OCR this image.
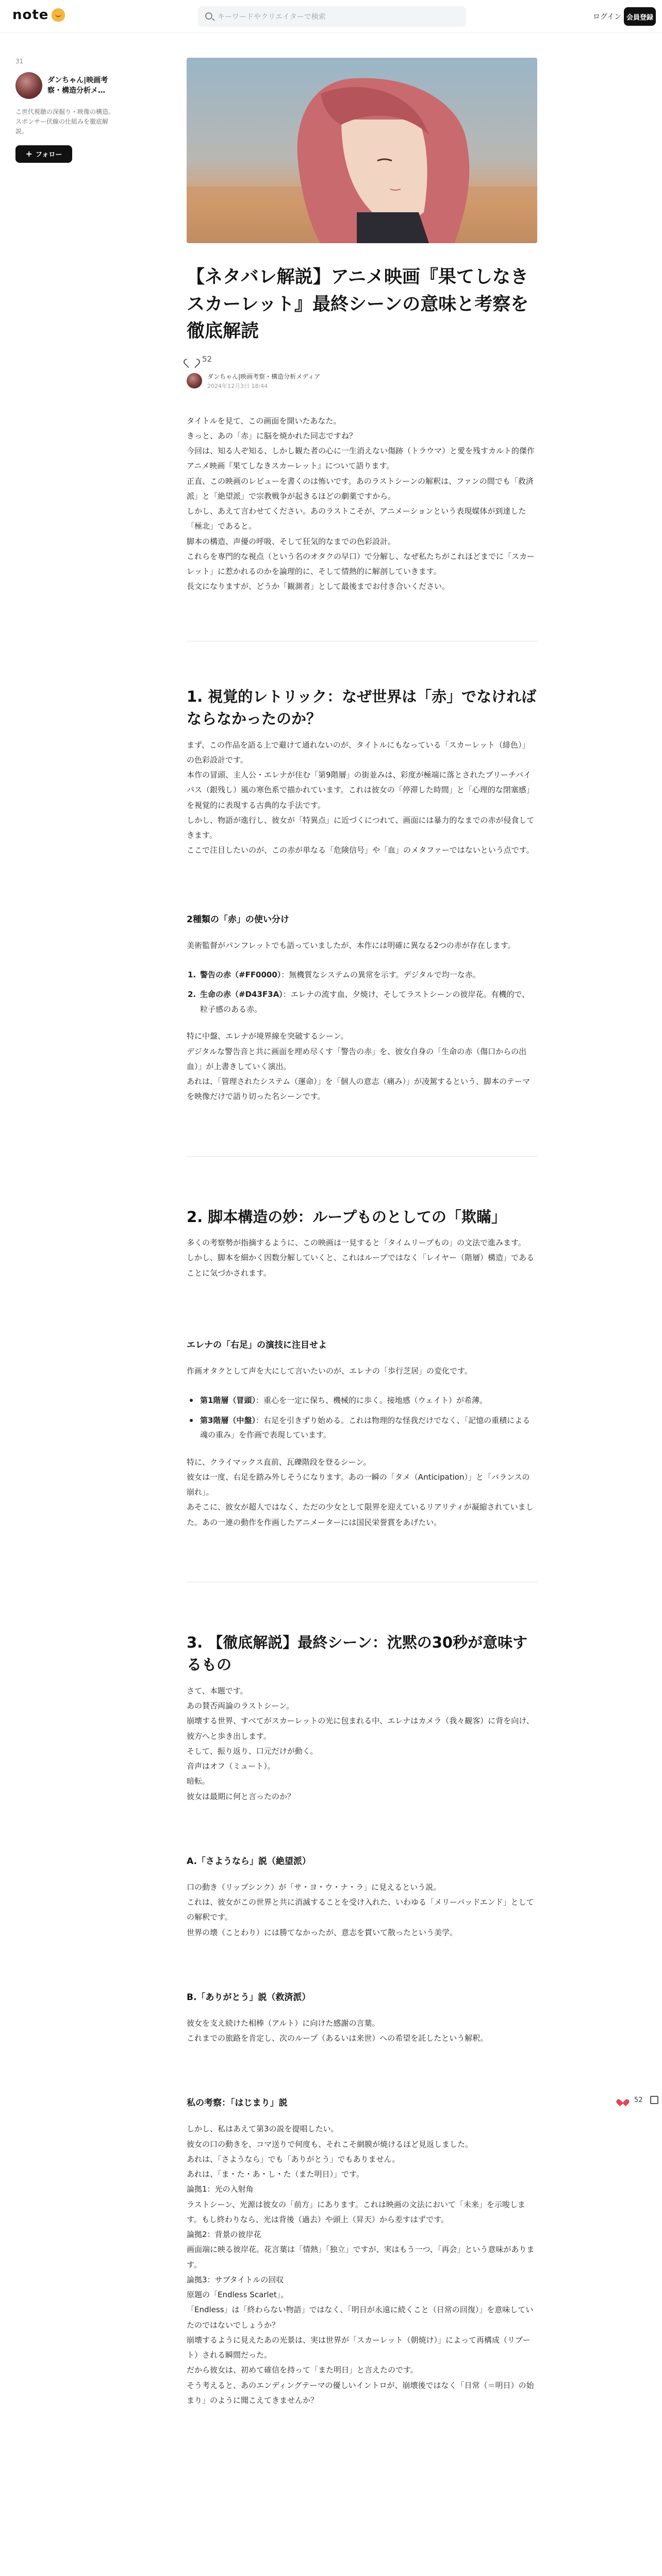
note	キーワードやクリエイターで検索	ログイン 会員登録
31
ダンちゃん|映画考察・構造分析メ…
こ世代視聴の深掘り・映像の構造。スポンサー伏線の仕組みを徹底解説。
+ フォロー
【ネタバレ解説】アニメ映画『果てしなきスカーレット』最終シーンの意味と考察を徹底解読
52
ダンちゃん|映画考察・構造分析メディア
2024年12月3日 18:44

タイトルを見て、この画面を開いたあなた。

きっと、あの「赤」に脳を焼かれた同志ですね？

今回は、知る人ぞ知る、しかし観た者の心に一生消えない傷跡（トラウマ）と愛を残すカルト的傑作アニメ映画『果てしなきスカーレット』について語ります。

正直、この映画のレビューを書くのは怖いです。あのラストシーンの解釈は、ファンの間でも「救済派」と「絶望派」で宗教戦争が起きるほどの劇薬ですから。

しかし、あえて言わせてください。あのラストこそが、アニメーションという表現媒体が到達した「極北」であると。

脚本の構造、声優の呼吸、そして狂気的なまでの色彩設計。

これらを専門的な視点（という名のオタクの早口）で分解し、なぜ私たちがこれほどまでに「スカーレット」に惹かれるのかを論理的に、そして情熱的に解剖していきます。

長文になりますが、どうか「観測者」として最後までお付き合いください。

1. 視覚的レトリック：なぜ世界は「赤」でなければならなかったのか？

まず、この作品を語る上で避けて通れないのが、タイトルにもなっている「スカーレット（緋色）」の色彩設計です。

本作の冒頭、主人公・エレナが住む「第9階層」の街並みは、彩度が極端に落とされたブリーチバイパス（銀残し）風の寒色系で描かれています。これは彼女の「停滞した時間」と「心理的な閉塞感」を視覚的に表現する古典的な手法です。

しかし、物語が進行し、彼女が「特異点」に近づくにつれて、画面には暴力的なまでの赤が侵食してきます。

ここで注目したいのが、この赤が単なる「危険信号」や「血」のメタファーではないという点です。

2種類の「赤」の使い分け
美術監督がパンフレットでも語っていましたが、本作には明確に異なる2つの赤が存在します。
1. 警告の赤（#FF0000）：無機質なシステムの異常を示す。デジタルで均一な赤。
2. 生命の赤（#D43F3A）：エレナの流す血、夕焼け、そしてラストシーンの彼岸花。有機的で、粒子感のある赤。

特に中盤、エレナが境界線を突破するシーン。

デジタルな警告音と共に画面を埋め尽くす「警告の赤」を、彼女自身の「生命の赤（傷口からの出血）」が上書きしていく演出。

あれは、「管理されたシステム（運命）」を「個人の意志（痛み）」が凌駕するという、脚本のテーマを映像だけで語り切った名シーンです。

2. 脚本構造の妙：ループものとしての「欺瞞」

多くの考察勢が指摘するように、この映画は一見すると「タイムリープもの」の文法で進みます。

しかし、脚本を細かく因数分解していくと、これはループではなく「レイヤー（階層）構造」であることに気づかされます。

エレナの「右足」の演技に注目せよ
作画オタクとして声を大にして言いたいのが、エレナの「歩行芝居」の変化です。
第1階層（冒頭）：重心を一定に保ち、機械的に歩く。接地感（ウェイト）が希薄。
第3階層（中盤）：右足を引きずり始める。これは物理的な怪我だけでなく、「記憶の重積による魂の重み」を作画で表現しています。

特に、クライマックス直前、瓦礫階段を登るシーン。

彼女は一度、右足を踏み外しそうになります。あの一瞬の「タメ（Anticipation）」と「バランスの崩れ」。

あそこに、彼女が超人ではなく、ただの少女として限界を迎えているリアリティが凝縮されていました。あの一連の動作を作画したアニメーターには国民栄誉賞をあげたい。

3. 【徹底解説】最終シーン：沈黙の30秒が意味するもの

さて、本題です。

あの賛否両論のラストシーン。

崩壊する世界、すべてがスカーレットの光に包まれる中、エレナはカメラ（我々観客）に背を向け、彼方へと歩き出します。

そして、振り返り、口元だけが動く。

音声はオフ（ミュート）。

暗転。

彼女は最期に何と言ったのか？

A.「さようなら」説（絶望派）

口の動き（リップシンク）が「サ・ヨ・ウ・ナ・ラ」に見えるという説。

これは、彼女がこの世界と共に消滅することを受け入れた、いわゆる「メリーバッドエンド」としての解釈です。

世界の壊（ことわり）には勝てなかったが、意志を貫いて散ったという美学。

B.「ありがとう」説（救済派）

彼女を支え続けた相棒（アルト）に向けた感謝の言葉。

これまでの旅路を肯定し、次のループ（あるいは来世）への希望を託したという解釈。

私の考察：「はじまり」説

しかし、私はあえて第3の説を提唱したい。

彼女の口の動きを、コマ送りで何度も、それこそ網膜が焼けるほど見返しました。

あれは、「さようなら」でも「ありがとう」でもありません。

あれは、「ま・た・あ・し・た（また明日）」です。

論拠1：光の入射角

ラストシーン、光源は彼女の「前方」にあります。これは映画の文法において「未来」を示唆します。もし終わりなら、光は背後（過去）や頭上（昇天）から差すはずです。

論拠2：背景の彼岸花

画面端に映る彼岸花。花言葉は「情熱」「独立」ですが、実はもう一つ、「再会」という意味があります。

論拠3：サブタイトルの回収

原題の「Endless Scarlet」。

「Endless」は「終わらない物語」ではなく、「明日が永遠に続くこと（日常の回復）」を意味していたのではないでしょうか？

崩壊するように見えたあの光景は、実は世界が「スカーレット（朝焼け）」によって再構成（リブート）される瞬間だった。

だから彼女は、初めて確信を持って「また明日」と言えたのです。

そう考えると、あのエンディングテーマの優しいイントロが、崩壊後ではなく「日常（＝明日）の始まり」のように聞こえてきませんか？

52
